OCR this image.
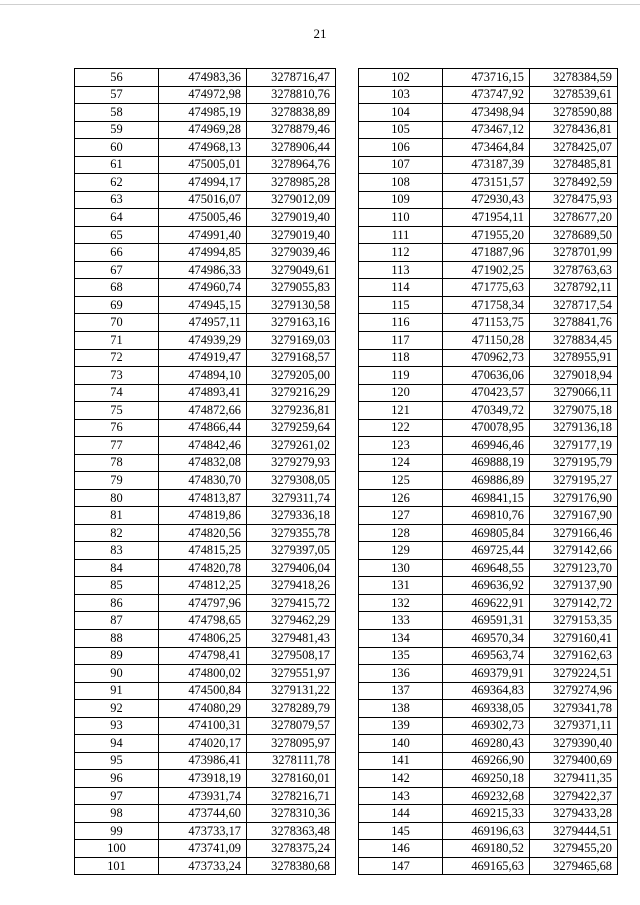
21
56	474983,36	3278716,47
57	474972,98	3278810,76
58	474985,19	3278838,89
59	474969,28	3278879,46
60	474968,13	3278906,44
61	475005,01	3278964,76
62	474994,17	3278985,28
63	475016,07	3279012,09
64	475005,46	3279019,40
65	474991,40	3279019,40
66	474994,85	3279039,46
67	474986,33	3279049,61
68	474960,74	3279055,83
69	474945,15	3279130,58
70	474957,11	3279163,16
71	474939,29	3279169,03
72	474919,47	3279168,57
73	474894,10	3279205,00
74	474893,41	3279216,29
75	474872,66	3279236,81
76	474866,44	3279259,64
77	474842,46	3279261,02
78	474832,08	3279279,93
79	474830,70	3279308,05
80	474813,87	3279311,74
81	474819,86	3279336,18
82	474820,56	3279355,78
83	474815,25	3279397,05
84	474820,78	3279406,04
85	474812,25	3279418,26
86	474797,96	3279415,72
87	474798,65	3279462,29
88	474806,25	3279481,43
89	474798,41	3279508,17
90	474800,02	3279551,97
91	474500,84	3279131,22
92	474080,29	3278289,79
93	474100,31	3278079,57
94	474020,17	3278095,97
95	473986,41	3278111,78
96	473918,19	3278160,01
97	473931,74	3278216,71
98	473744,60	3278310,36
99	473733,17	3278363,48
100	473741,09	3278375,24
101	473733,24	3278380,68
102	473716,15	3278384,59
103	473747,92	3278539,61
104	473498,94	3278590,88
105	473467,12	3278436,81
106	473464,84	3278425,07
107	473187,39	3278485,81
108	473151,57	3278492,59
109	472930,43	3278475,93
110	471954,11	3278677,20
111	471955,20	3278689,50
112	471887,96	3278701,99
113	471902,25	3278763,63
114	471775,63	3278792,11
115	471758,34	3278717,54
116	471153,75	3278841,76
117	471150,28	3278834,45
118	470962,73	3278955,91
119	470636,06	3279018,94
120	470423,57	3279066,11
121	470349,72	3279075,18
122	470078,95	3279136,18
123	469946,46	3279177,19
124	469888,19	3279195,79
125	469886,89	3279195,27
126	469841,15	3279176,90
127	469810,76	3279167,90
128	469805,84	3279166,46
129	469725,44	3279142,66
130	469648,55	3279123,70
131	469636,92	3279137,90
132	469622,91	3279142,72
133	469591,31	3279153,35
134	469570,34	3279160,41
135	469563,74	3279162,63
136	469379,91	3279224,51
137	469364,83	3279274,96
138	469338,05	3279341,78
139	469302,73	3279371,11
140	469280,43	3279390,40
141	469266,90	3279400,69
142	469250,18	3279411,35
143	469232,68	3279422,37
144	469215,33	3279433,28
145	469196,63	3279444,51
146	469180,52	3279455,20
147	469165,63	3279465,68
